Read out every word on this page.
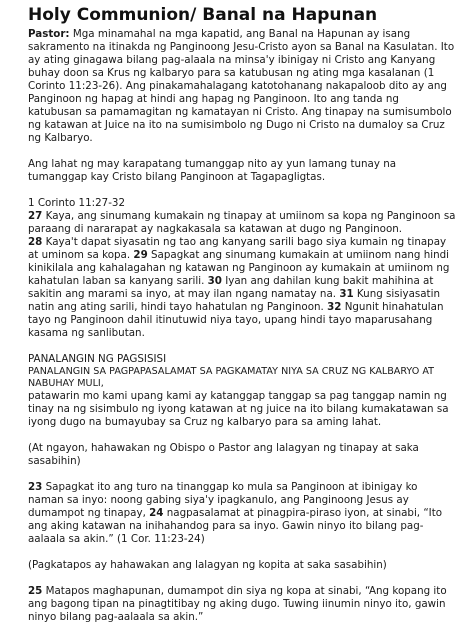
Holy Communion/ Banal na Hapunan

Pastor: Mga minamahal na mga kapatid, ang Banal na Hapunan ay isang sakramento na itinakda ng Panginoong Jesu-Cristo ayon sa Banal na Kasulatan. Ito ay ating ginagawa bilang pag-alaala na minsa'y ibinigay ni Cristo ang Kanyang buhay doon sa Krus ng kalbaryo para sa katubusan ng ating mga kasalanan (1 Corinto 11:23-26). Ang pinakamahalagang katotohanang nakapaloob dito ay ang Panginoon ng hapag at hindi ang hapag ng Panginoon. Ito ang tanda ng katubusan sa pamamagitan ng kamatayan ni Cristo. Ang tinapay na sumisumbolo ng katawan at Juice na ito na sumisimbolo ng Dugo ni Cristo na dumaloy sa Cruz ng Kalbaryo.

Ang lahat ng may karapatang tumanggap nito ay yun lamang tunay na tumanggap kay Cristo bilang Panginoon at Tagapagligtas.

1 Corinto 11:27-32

27 Kaya, ang sinumang kumakain ng tinapay at umiinom sa kopa ng Panginoon sa paraang di nararapat ay nagkakasala sa katawan at dugo ng Panginoon.

28 Kaya't dapat siyasatin ng tao ang kanyang sarili bago siya kumain ng tinapay at uminom sa kopa. 29 Sapagkat ang sinumang kumakain at umiinom nang hindi kinikilala ang kahalagahan ng katawan ng Panginoon ay kumakain at umiinom ng kahatulan laban sa kanyang sarili. 30 Iyan ang dahilan kung bakit mahihina at sakitin ang marami sa inyo, at may ilan ngang namatay na. 31 Kung sisiyasatin natin ang ating sarili, hindi tayo hahatulan ng Panginoon. 32 Ngunit hinahatulan tayo ng Panginoon dahil itinutuwid niya tayo, upang hindi tayo maparusahang kasama ng sanlibutan.

PANALANGIN NG PAGSISISI

PANALANGIN SA PAGPAPASALAMAT SA PAGKAMATAY NIYA SA CRUZ NG KALBARYO AT NABUHAY MULI,

patawarin mo kami upang kami ay katanggap tanggap sa pag tanggap namin ng tinay na ng sisimbulo ng iyong katawan at ng juice na ito bilang kumakatawan sa iyong dugo na bumayubay sa Cruz ng kalbaryo para sa aming lahat.

(At ngayon, hahawakan ng Obispo o Pastor ang lalagyan ng tinapay at saka sasabihin)

23 Sapagkat ito ang turo na tinanggap ko mula sa Panginoon at ibinigay ko naman sa inyo: noong gabing siya'y ipagkanulo, ang Panginoong Jesus ay dumampot ng tinapay, 24 nagpasalamat at pinagpira-piraso iyon, at sinabi, “Ito ang aking katawan na inihahandog para sa inyo. Gawin ninyo ito bilang pag-aalaala sa akin.” (1 Cor. 11:23-24)

(Pagkatapos ay hahawakan ang lalagyan ng kopita at saka sasabihin)

25 Matapos maghapunan, dumampot din siya ng kopa at sinabi, “Ang kopang ito ang bagong tipan na pinagtitibay ng aking dugo. Tuwing iinumin ninyo ito, gawin ninyo bilang pag-aalaala sa akin.”
